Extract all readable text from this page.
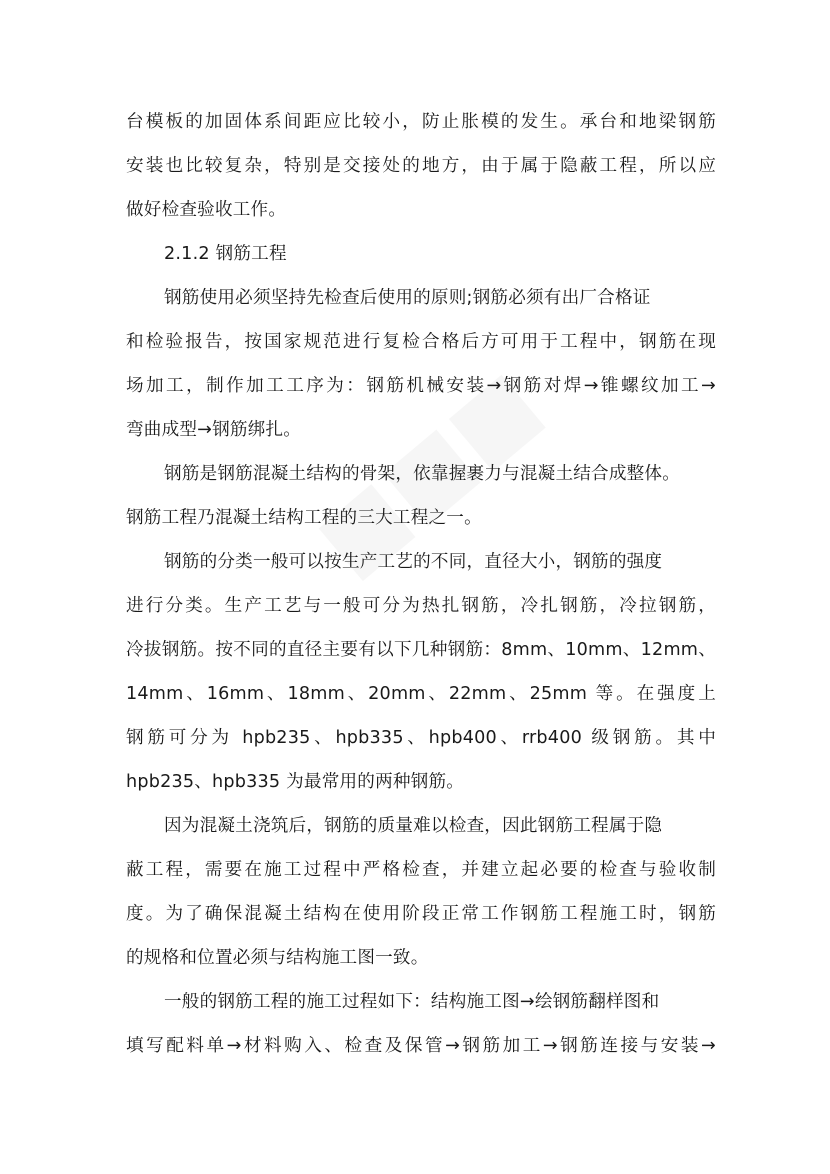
台模板的加固体系间距应比较小，防止胀模的发生。承台和地梁钢筋
安装也比较复杂，特别是交接处的地方，由于属于隐蔽工程，所以应
做好检查验收工作。
2.1.2 钢筋工程
钢筋使用必须坚持先检查后使用的原则;钢筋必须有出厂合格证
和检验报告，按国家规范进行复检合格后方可用于工程中，钢筋在现
场加工，制作加工工序为：钢筋机械安装→钢筋对焊→锥螺纹加工→
弯曲成型→钢筋绑扎。
钢筋是钢筋混凝土结构的骨架，依靠握裹力与混凝土结合成整体。
钢筋工程乃混凝土结构工程的三大工程之一。
钢筋的分类一般可以按生产工艺的不同，直径大小，钢筋的强度
进行分类。生产工艺与一般可分为热扎钢筋，冷扎钢筋，冷拉钢筋，
冷拔钢筋。按不同的直径主要有以下几种钢筋：8mm、10mm、12mm、
14mm、16mm、18mm、20mm、22mm、25mm 等。在强度上
钢筋可分为 hpb235、hpb335、hpb400、rrb400 级钢筋。其中
hpb235、hpb335 为最常用的两种钢筋。
因为混凝土浇筑后，钢筋的质量难以检查，因此钢筋工程属于隐
蔽工程，需要在施工过程中严格检查，并建立起必要的检查与验收制
度。为了确保混凝土结构在使用阶段正常工作钢筋工程施工时，钢筋
的规格和位置必须与结构施工图一致。
一般的钢筋工程的施工过程如下：结构施工图→绘钢筋翻样图和
填写配料单→材料购入、检查及保管→钢筋加工→钢筋连接与安装→
